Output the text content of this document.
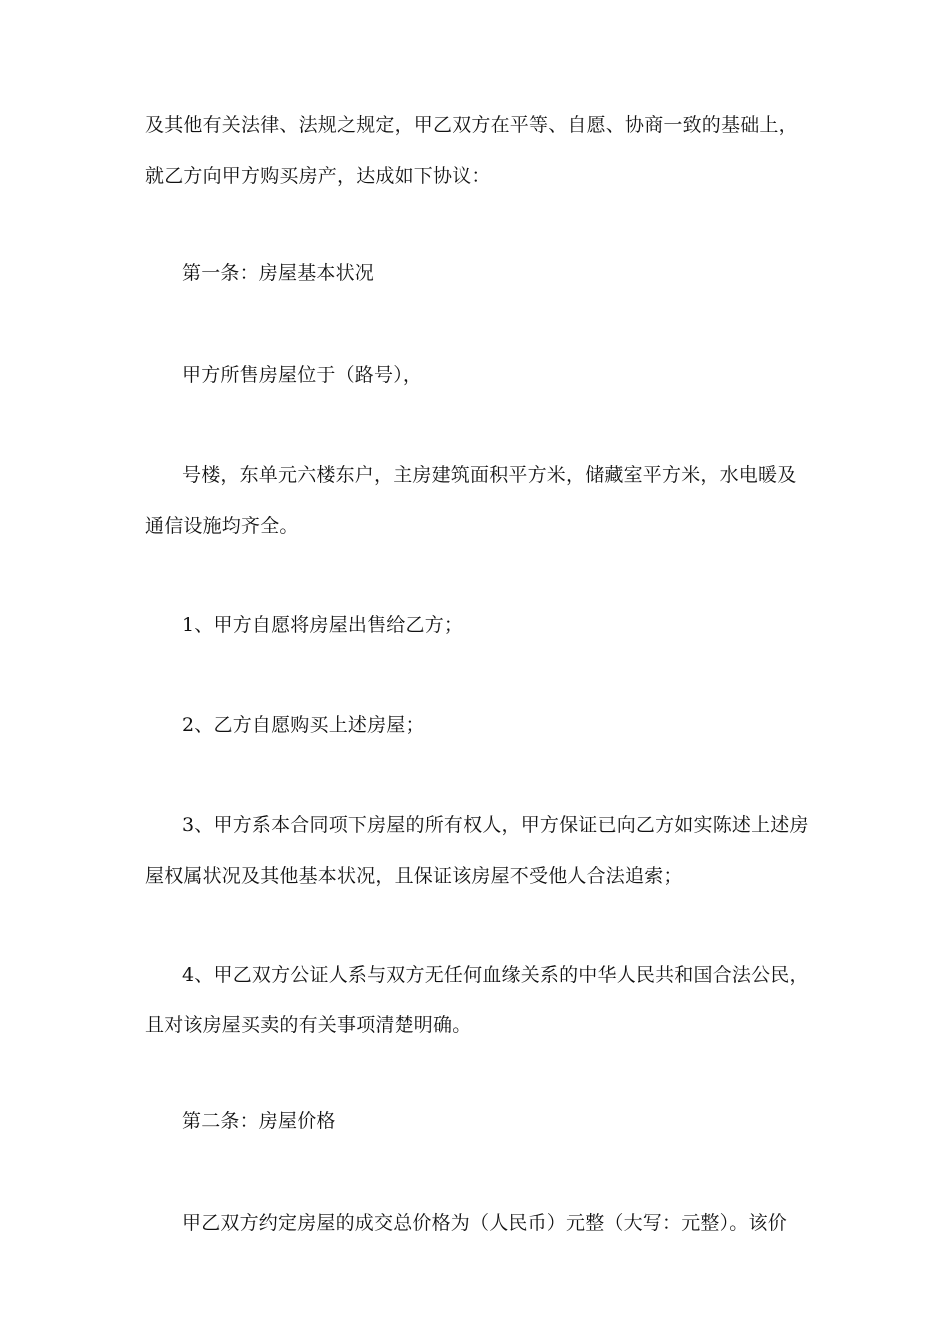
及其他有关法律、法规之规定，甲乙双方在平等、自愿、协商一致的基础上，
就乙方向甲方购买房产，达成如下协议：
第一条：房屋基本状况
甲方所售房屋位于（路号），
号楼，东单元六楼东户，主房建筑面积平方米，储藏室平方米，水电暖及
通信设施均齐全。
1、甲方自愿将房屋出售给乙方；
2、乙方自愿购买上述房屋；
3、甲方系本合同项下房屋的所有权人，甲方保证已向乙方如实陈述上述房
屋权属状况及其他基本状况，且保证该房屋不受他人合法追索；
4、甲乙双方公证人系与双方无任何血缘关系的中华人民共和国合法公民，
且对该房屋买卖的有关事项清楚明确。
第二条：房屋价格
甲乙双方约定房屋的成交总价格为（人民币）元整（大写：元整）。该价
